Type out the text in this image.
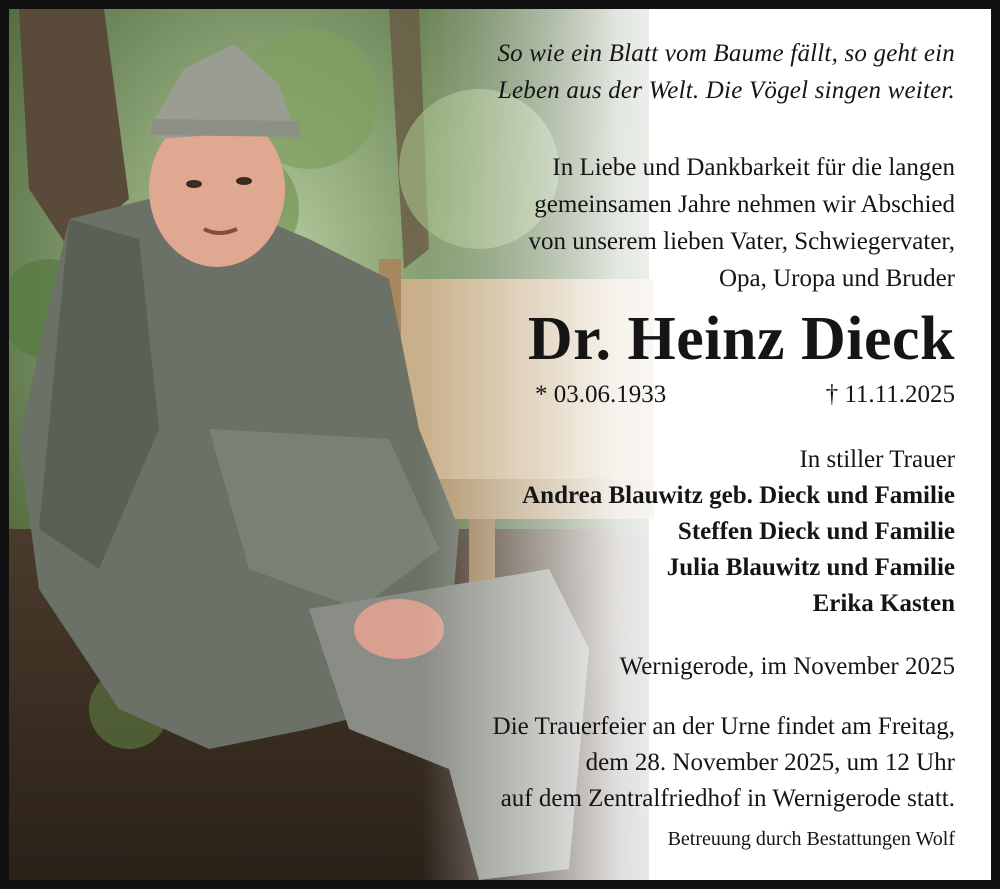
So wie ein Blatt vom Baume fällt, so geht ein
Leben aus der Welt. Die Vögel singen weiter.
In Liebe und Dankbarkeit für die langen
gemeinsamen Jahre nehmen wir Abschied
von unserem lieben Vater, Schwiegervater,
Opa, Uropa und Bruder
Dr. Heinz Dieck
* 03.06.1933	† 11.11.2025
In stiller Trauer
Andrea Blauwitz geb. Dieck und Familie
Steffen Dieck und Familie
Julia Blauwitz und Familie
Erika Kasten
Wernigerode, im November 2025
Die Trauerfeier an der Urne findet am Freitag,
dem 28. November 2025, um 12 Uhr
auf dem Zentralfriedhof in Wernigerode statt.
Betreuung durch Bestattungen Wolf
